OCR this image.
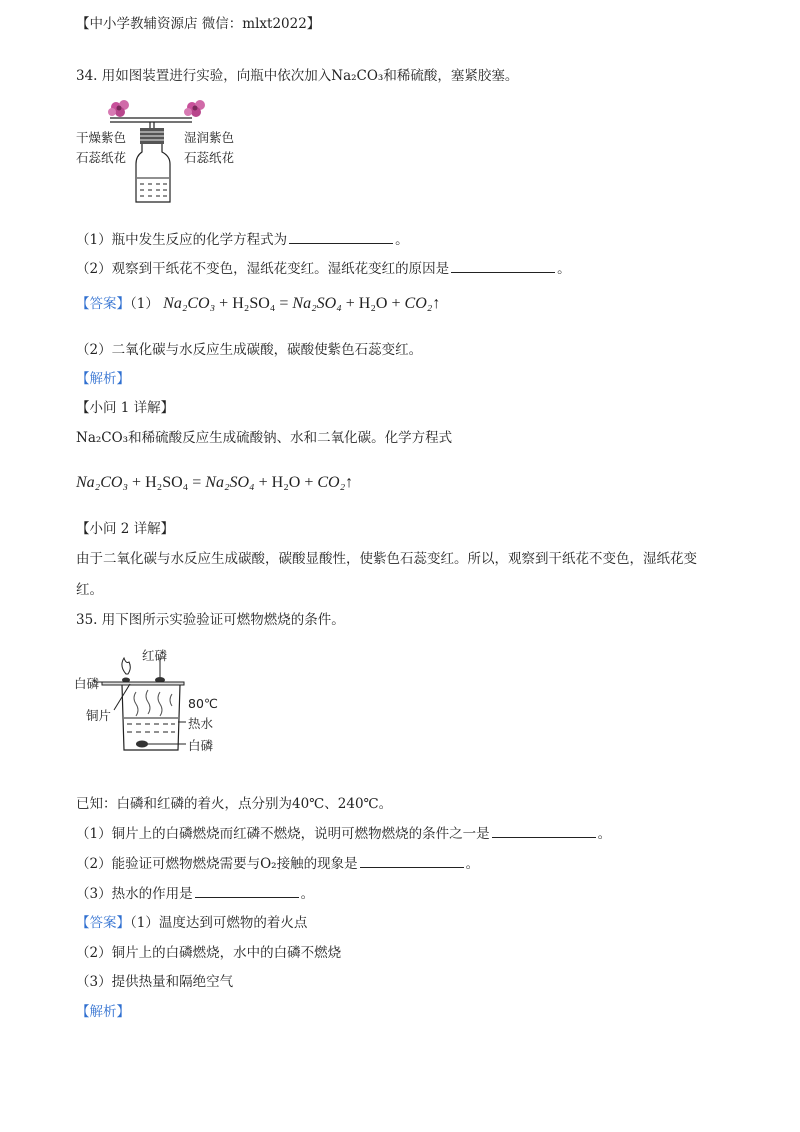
【中小学教辅资源店 微信：mlxt2022】
34. 用如图装置进行实验，向瓶中依次加入Na₂CO₃和稀硫酸，塞紧胶塞。
干燥紫色
石蕊纸花
湿润紫色
石蕊纸花
（1）瓶中发生反应的化学方程式为	。
（2）观察到干纸花不变色，湿纸花变红。湿纸花变红的原因是	。
【答案】（1） Na₂CO₃ + H₂SO₄ = Na₂SO₄ + H₂O + CO₂↑
（2）二氧化碳与水反应生成碳酸，碳酸使紫色石蕊变红。
【解析】
【小问 1 详解】
Na₂CO₃和稀硫酸反应生成硫酸钠、水和二氧化碳。化学方程式
Na₂CO₃ + H₂SO₄ = Na₂SO₄ + H₂O + CO₂↑
【小问 2 详解】
由于二氧化碳与水反应生成碳酸，碳酸显酸性，使紫色石蕊变红。所以，观察到干纸花不变色，湿纸花变
红。
35. 用下图所示实验验证可燃物燃烧的条件。
红磷
白磷
铜片
80℃
热水
白磷
已知：白磷和红磷的着火，点分别为40℃、240℃。
（1）铜片上的白磷燃烧而红磷不燃烧，说明可燃物燃烧的条件之一是	。
（2）能验证可燃物燃烧需要与O₂接触的现象是	。
（3）热水的作用是	。
【答案】（1）温度达到可燃物的着火点
（2）铜片上的白磷燃烧，水中的白磷不燃烧
（3）提供热量和隔绝空气
【解析】
